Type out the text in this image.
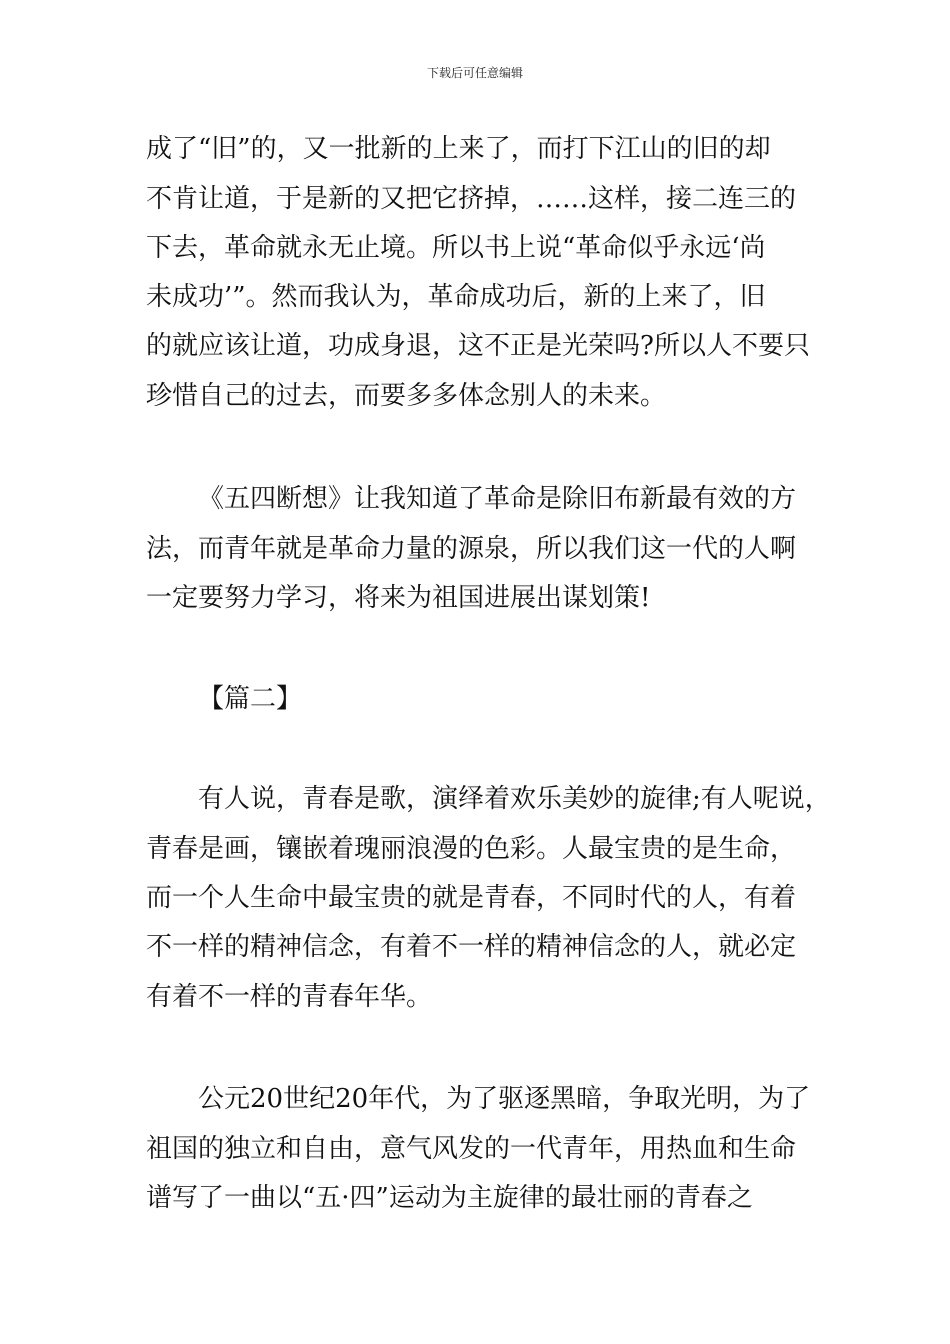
下载后可任意编辑
成了“旧”的，又一批新的上来了，而打下江山的旧的却
不肯让道，于是新的又把它挤掉，……这样，接二连三的
下去，革命就永无止境。所以书上说“革命似乎永远‘尚
未成功’”。然而我认为，革命成功后，新的上来了，旧
的就应该让道，功成身退，这不正是光荣吗?所以人不要只
珍惜自己的过去，而要多多体念别人的未来。
《五四断想》让我知道了革命是除旧布新最有效的方
法，而青年就是革命力量的源泉，所以我们这一代的人啊
一定要努力学习，将来为祖国进展出谋划策!
【篇二】
有人说，青春是歌，演绎着欢乐美妙的旋律;有人呢说，
青春是画，镶嵌着瑰丽浪漫的色彩。人最宝贵的是生命，
而一个人生命中最宝贵的就是青春，不同时代的人，有着
不一样的精神信念，有着不一样的精神信念的人，就必定
有着不一样的青春年华。
公元20世纪20年代，为了驱逐黑暗，争取光明，为了
祖国的独立和自由，意气风发的一代青年，用热血和生命
谱写了一曲以“五·四”运动为主旋律的最壮丽的青春之
